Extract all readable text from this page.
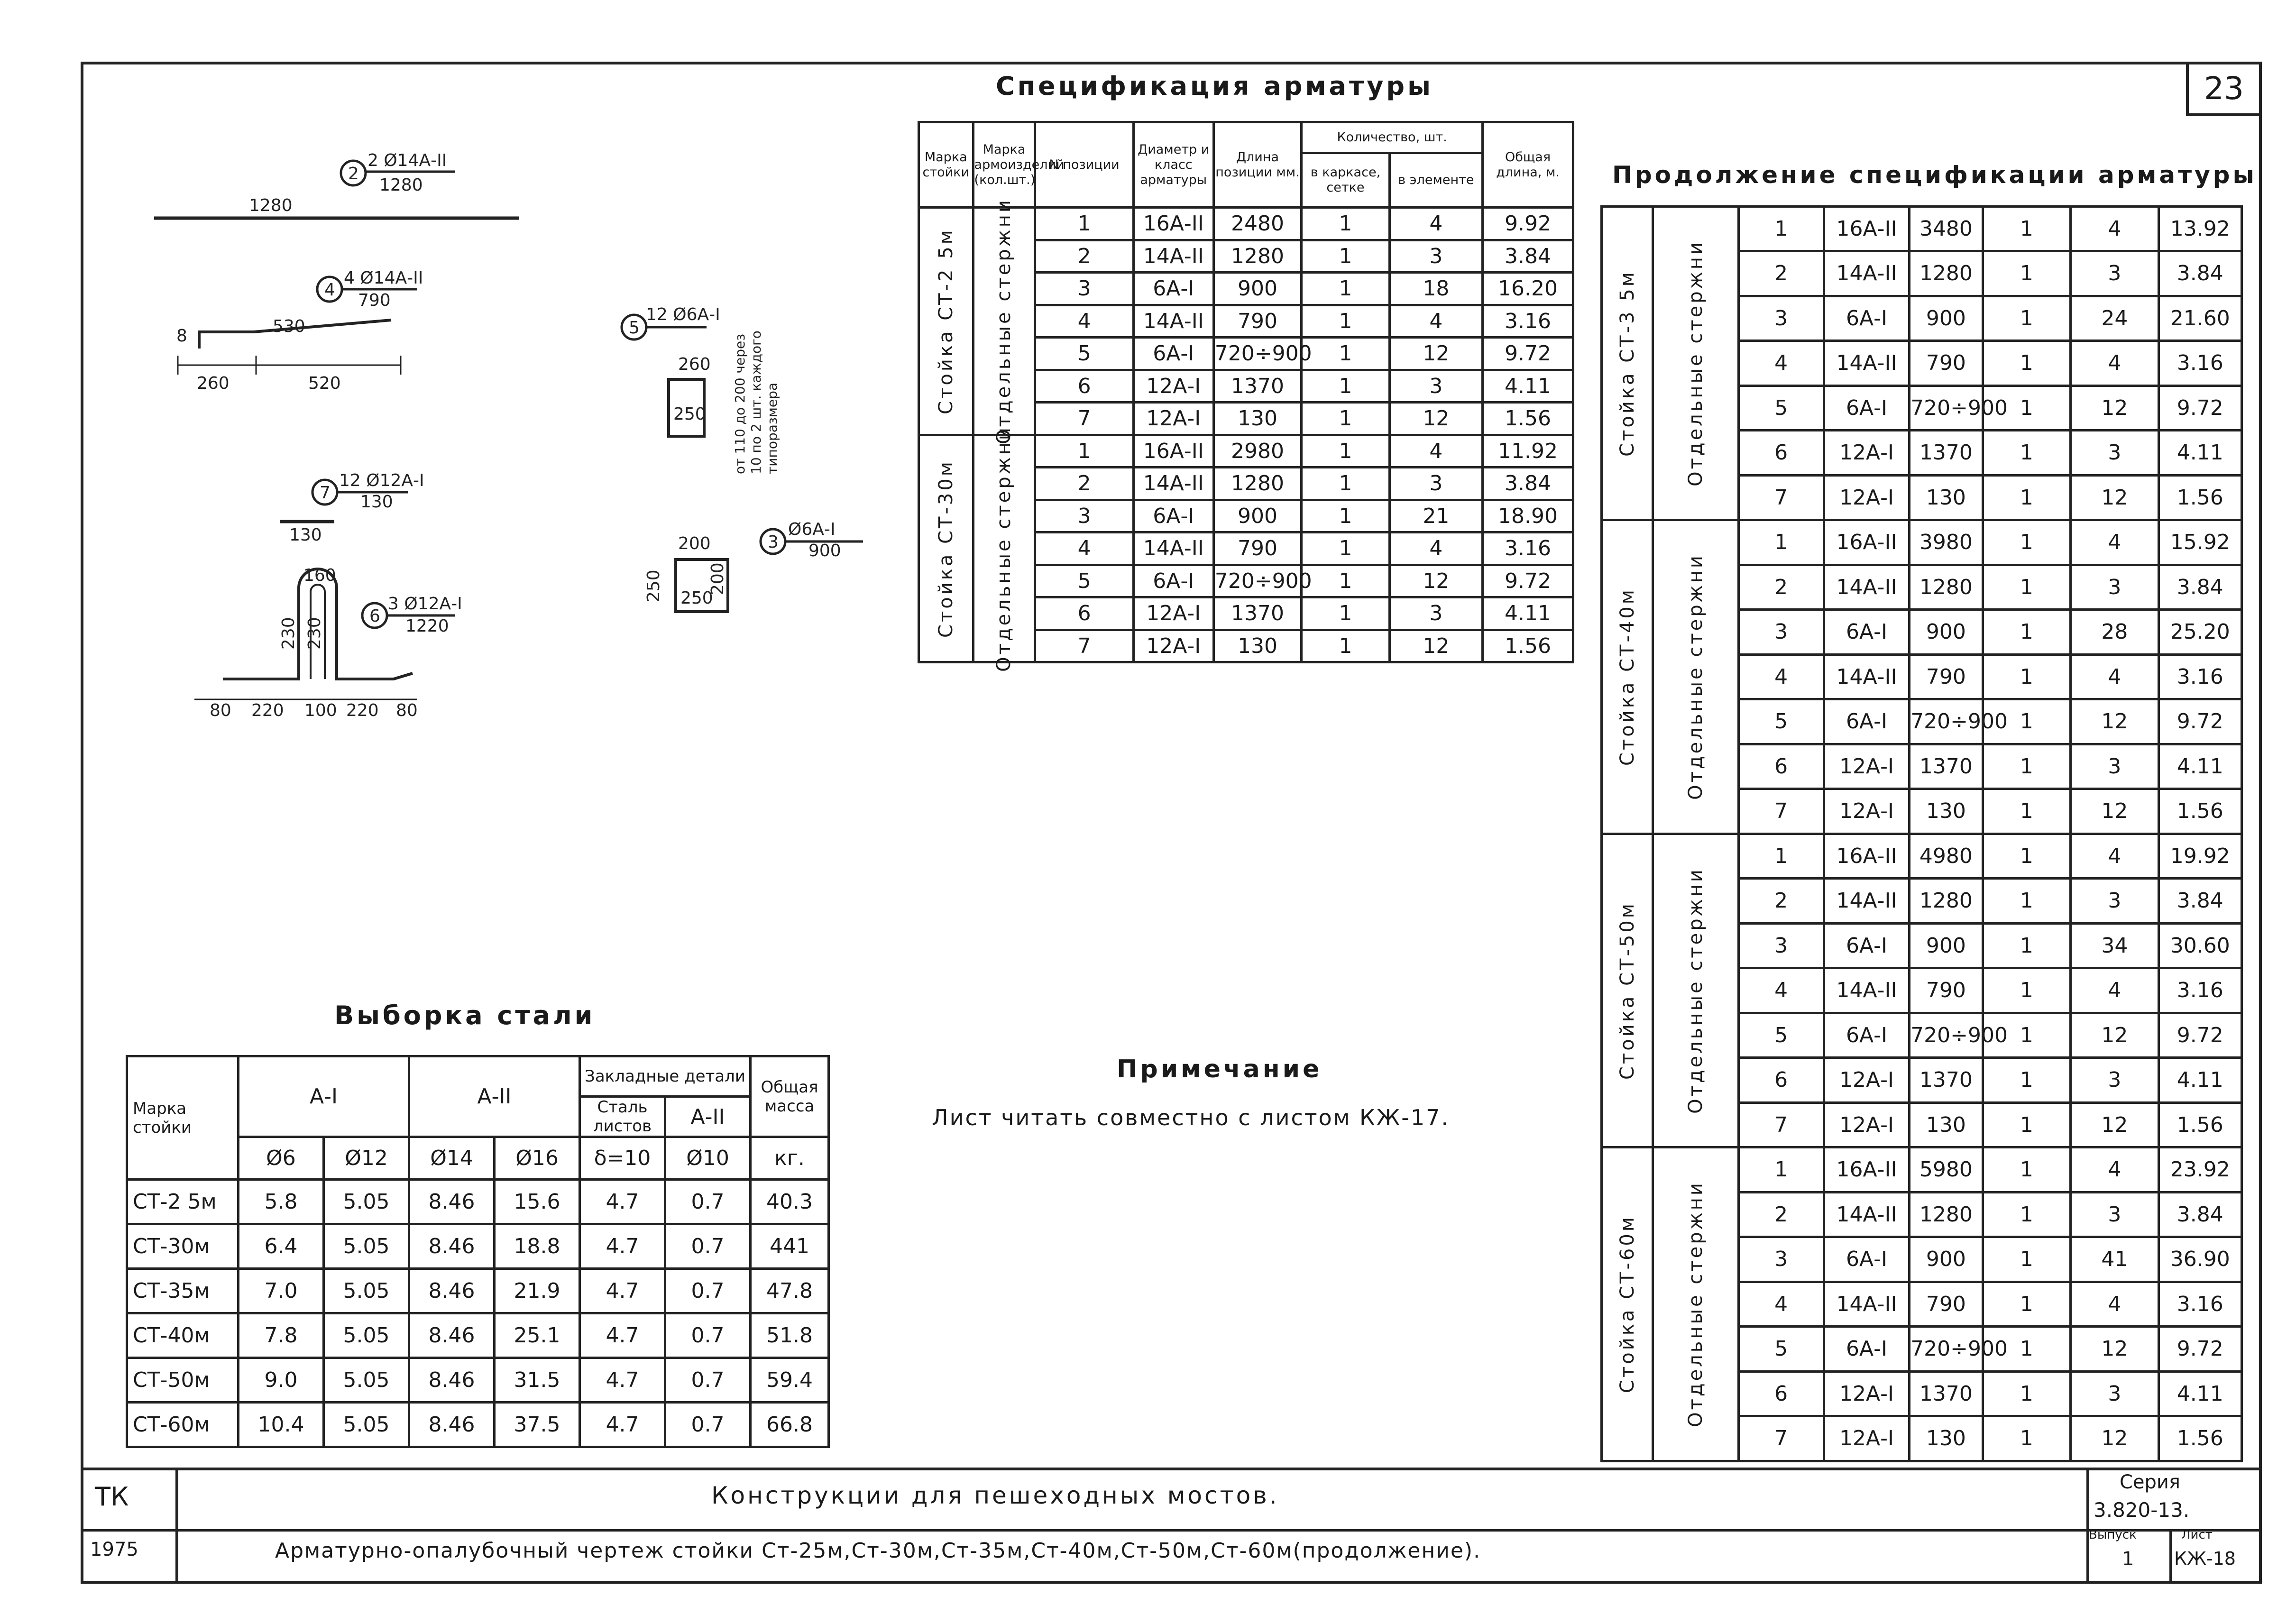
23
Спецификация арматуры
Продолжение спецификации арматуры
Выборка стали
Марка стойки	Марка армоизделий (кол.шт.)	N позиции	Диаметр и класс арматуры	Длина позиции мм.	Количество, шт.		Общая длина, м.
					в каркасе, сетке	в элементе	

Стойка СТ-2 5м	Отдельные стержни	1	16А-ІІ	2480	1	4	9.92
		2	14А-ІІ	1280	1	3	3.84
		3	6А-І	900	1	18	16.20
		4	14А-ІІ	790	1	4	3.16
		5	6А-І	720÷900	1	12	9.72
		6	12А-І	1370	1	3	4.11
		7	12А-І	130	1	12	1.56

Стойка СТ-30м	Отдельные стержни	1	16А-ІІ	2980	1	4	11.92
		2	14А-ІІ	1280	1	3	3.84
		3	6А-І	900	1	21	18.90
		4	14А-ІІ	790	1	4	3.16
		5	6А-І	720÷900	1	12	9.72
		6	12А-І	1370	1	3	4.11
		7	12А-І	130	1	12	1.56

Стойка СТ-3 5м	Отдельные стержни	1	16А-ІІ	3480	1	4	13.92
		2	14А-ІІ	1280	1	3	3.84
		3	6А-І	900	1	24	21.60
		4	14А-ІІ	790	1	4	3.16
		5	6А-І	720÷900	1	12	9.72
		6	12А-І	1370	1	3	4.11
		7	12А-І	130	1	12	1.56

Стойка СТ-40м	Отдельные стержни	1	16А-ІІ	3980	1	4	15.92
		2	14А-ІІ	1280	1	3	3.84
		3	6А-І	900	1	28	25.20
		4	14А-ІІ	790	1	4	3.16
		5	6А-І	720÷900	1	12	9.72
		6	12А-І	1370	1	3	4.11
		7	12А-І	130	1	12	1.56

Стойка СТ-50м	Отдельные стержни	1	16А-ІІ	4980	1	4	19.92
		2	14А-ІІ	1280	1	3	3.84
		3	6А-І	900	1	34	30.60
		4	14А-ІІ	790	1	4	3.16
		5	6А-І	720÷900	1	12	9.72
		6	12А-І	1370	1	3	4.11
		7	12А-І	130	1	12	1.56

Стойка СТ-60м	Отдельные стержни	1	16А-ІІ	5980	1	4	23.92
		2	14А-ІІ	1280	1	3	3.84
		3	6А-І	900	1	41	36.90
		4	14А-ІІ	790	1	4	3.16
		5	6А-І	720÷900	1	12	9.72
		6	12А-І	1370	1	3	4.11
		7	12А-І	130	1	12	1.56
Марка стойки	А-І		А-ІІ		Закладные детали		Общая масса
					Сталь листов	А-ІІ	
	Ø6	Ø12	Ø14	Ø16	δ=10	Ø10	кг.
СТ-2 5м	5.8	5.05	8.46	15.6	4.7	0.7	40.3
СТ-30м	6.4	5.05	8.46	18.8	4.7	0.7	441
СТ-35м	7.0	5.05	8.46	21.9	4.7	0.7	47.8
СТ-40м	7.8	5.05	8.46	25.1	4.7	0.7	51.8
СТ-50м	9.0	5.05	8.46	31.5	4.7	0.7	59.4
СТ-60м	10.4	5.05	8.46	37.5	4.7	0.7	66.8
Примечание
Лист читать совместно с листом КЖ-17.
2
4
7
6
5
3
2 Ø14А-ІІ
1280
1280
4 Ø14А-ІІ
790
8	530
260	520
12 Ø12А-І
130
130
3 Ø12А-І
1220
160
230 230
80 220 100 220 80
12 Ø6А-І
260
250 от 110 до 200 через 10 по 2 шт. каждого типоразмера
Ø6А-І
900
200
250
200
250
ТК
1975
Конструкции для пешеходных мостов.
Арматурно-опалубочный чертеж стойки Ст-25м,Ст-30м,Ст-35м,Ст-40м,Ст-50м,Ст-60м(продолжение).
Серия
3.820-13.
Выпуск
1
Лист
КЖ-18
